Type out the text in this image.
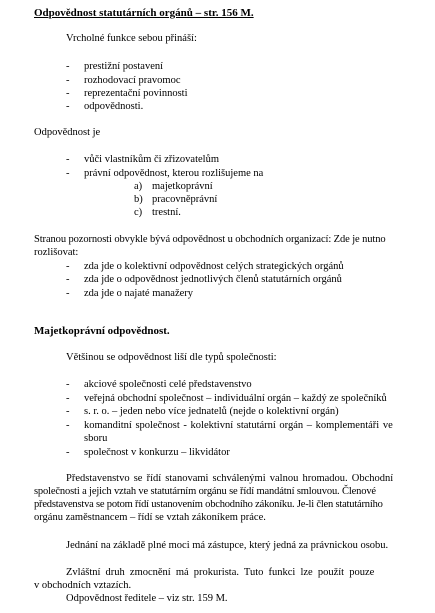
Odpovědnost statutárních orgánů – str. 156 M.
Vrcholné funkce sebou přináší:
- prestižní postavení
- rozhodovací pravomoc
- reprezentační povinnosti
- odpovědnosti.
Odpovědnost je
- vůči vlastníkům či zřizovatelům
- právní odpovědnost, kterou rozlišujeme na
a) majetkoprávní
b) pracovněprávní
c) trestní.
Stranou pozornosti obvykle bývá odpovědnost u obchodních organizací: Zde je nutno
rozlišovat:
- zda jde o kolektivní odpovědnost celých strategických orgánů
- zda jde o odpovědnost jednotlivých členů statutárních orgánů
- zda jde o najaté manažery
Majetkoprávní odpovědnost.
Většinou se odpovědnost liší dle typů společnosti:
- akciové společnosti celé představenstvo
- veřejná obchodní společnost – individuální orgán – každý ze společníků
- s. r. o. – jeden nebo více jednatelů (nejde o kolektivní orgán)
- komanditní společnost - kolektivní statutární orgán – komplementáři ve
sboru
- společnost v konkurzu – likvidátor
Představenstvo se řídí stanovami schválenými valnou hromadou. Obchodní
společnosti a jejich vztah ve statutárním orgánu se řídí mandátní smlouvou. Členové
představenstva se potom řídí ustanovením obchodního zákoníku. Je-li člen statutárního
orgánu zaměstnancem – řídí se vztah zákoníkem práce.
Jednání na základě plné moci má zástupce, který jedná za právnickou osobu.
Zvláštní druh zmocnění má prokurista. Tuto funkci lze použít pouze
v obchodních vztazích.
Odpovědnost ředitele – viz str. 159 M.
